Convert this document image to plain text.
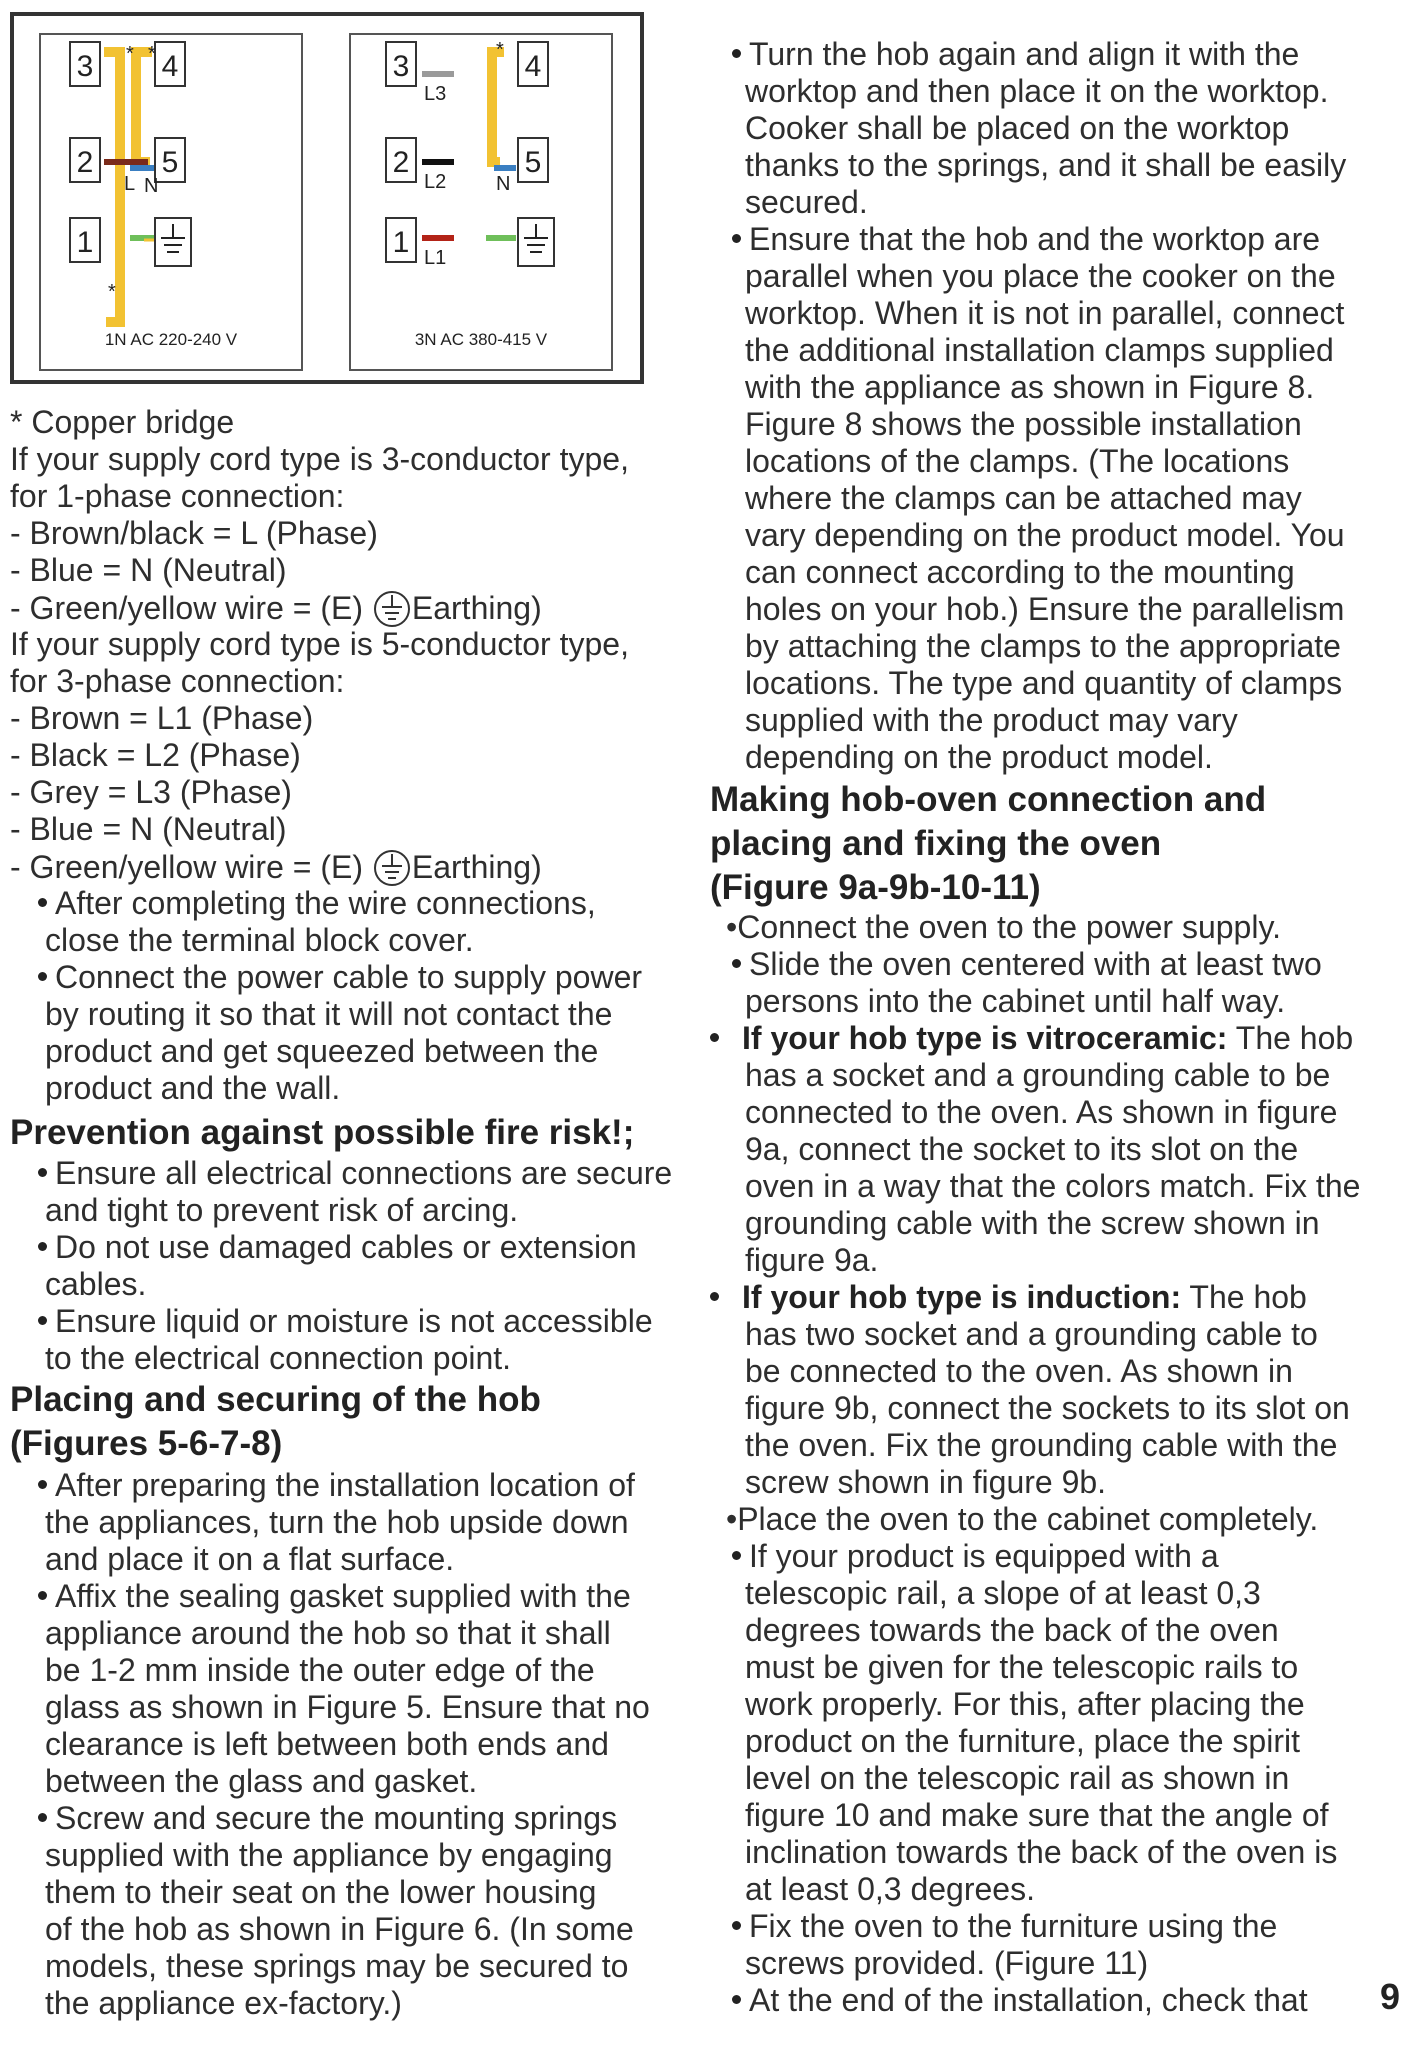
3
2
1
4
5
* *
*
L N
1N AC 220-240 V
3
2
1
4
5
*
L3
L2 N
L1
3N AC 380-415 V
* Copper bridge
If your supply cord type is 3-conductor type,
for 1-phase connection:
- Brown/black = L (Phase)
- Blue = N (Neutral)
- Green/yellow wire = (E) Earthing)
If your supply cord type is 5-conductor type,
for 3-phase connection:
- Brown = L1 (Phase)
- Black = L2 (Phase)
- Grey = L3 (Phase)
- Blue = N (Neutral)
- Green/yellow wire = (E) Earthing)
After completing the wire connections,
close the terminal block cover.
Connect the power cable to supply power
by routing it so that it will not contact the
product and get squeezed between the
product and the wall.
Prevention against possible fire risk!;
Ensure all electrical connections are secure
and tight to prevent risk of arcing.
Do not use damaged cables or extension
cables.
Ensure liquid or moisture is not accessible
to the electrical connection point.
Placing and securing of the hob
(Figures 5-6-7-8)
After preparing the installation location of
the appliances, turn the hob upside down
and place it on a flat surface.
Affix the sealing gasket supplied with the
appliance around the hob so that it shall
be 1-2 mm inside the outer edge of the
glass as shown in Figure 5. Ensure that no
clearance is left between both ends and
between the glass and gasket.
Screw and secure the mounting springs
supplied with the appliance by engaging
them to their seat on the lower housing
of the hob as shown in Figure 6. (In some
models, these springs may be secured to
the appliance ex-factory.)
Turn the hob again and align it with the
worktop and then place it on the worktop.
Cooker shall be placed on the worktop
thanks to the springs, and it shall be easily
secured.
Ensure that the hob and the worktop are
parallel when you place the cooker on the
worktop. When it is not in parallel, connect
the additional installation clamps supplied
with the appliance as shown in Figure 8.
Figure 8 shows the possible installation
locations of the clamps. (The locations
where the clamps can be attached may
vary depending on the product model. You
can connect according to the mounting
holes on your hob.) Ensure the parallelism
by attaching the clamps to the appropriate
locations. The type and quantity of clamps
supplied with the product may vary
depending on the product model.
Making hob-oven connection and
placing and fixing the oven
(Figure 9a-9b-10-11)
•Connect the oven to the power supply.
Slide the oven centered with at least two
persons into the cabinet until half way.
If your hob type is vitroceramic: The hob
has a socket and a grounding cable to be
connected to the oven. As shown in figure
9a, connect the socket to its slot on the
oven in a way that the colors match. Fix the
grounding cable with the screw shown in
figure 9a.
If your hob type is induction: The hob
has two socket and a grounding cable to
be connected to the oven. As shown in
figure 9b, connect the sockets to its slot on
the oven. Fix the grounding cable with the
screw shown in figure 9b.
•Place the oven to the cabinet completely.
If your product is equipped with a
telescopic rail, a slope of at least 0,3
degrees towards the back of the oven
must be given for the telescopic rails to
work properly. For this, after placing the
product on the furniture, place the spirit
level on the telescopic rail as shown in
figure 10 and make sure that the angle of
inclination towards the back of the oven is
at least 0,3 degrees.
Fix the oven to the furniture using the
screws provided. (Figure 11)
At the end of the installation, check that 9
